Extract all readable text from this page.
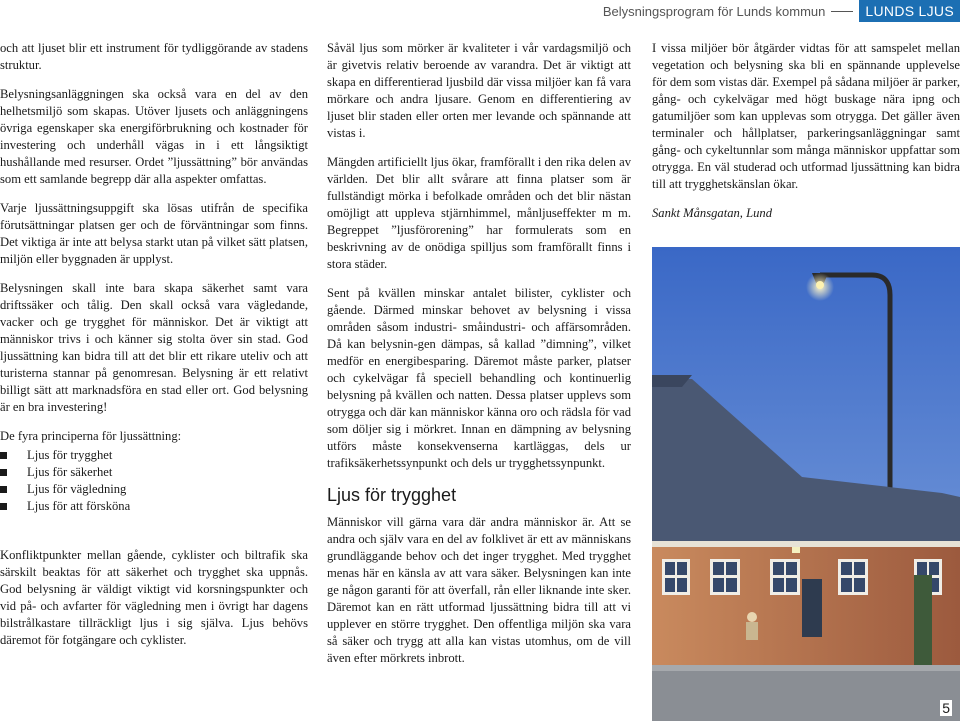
Belysningsprogram för Lunds kommun	LUNDS LJUS

och att ljuset blir ett instrument för tydliggörande av stadens struktur.

Belysningsanläggningen ska också vara en del av den helhetsmiljö som skapas. Utöver ljusets och anläggningens övriga egenskaper ska energiförbrukning och kostnader för investering och underhåll vägas in i ett långsiktigt hushållande med resurser. Ordet ”ljussättning” bör användas som ett samlande begrepp där alla aspekter omfattas.

Varje ljussättningsuppgift ska lösas utifrån de specifika förutsättningar platsen ger och de förväntningar som finns. Det viktiga är inte att belysa starkt utan på vilket sätt platsen, miljön eller byggnaden är upplyst.

Belysningen skall inte bara skapa säkerhet samt vara driftssäker och tålig. Den skall också vara vägledande, vacker och ge trygghet för människor. Det är viktigt att människor trivs i och känner sig stolta över sin stad. God ljussättning kan bidra till att det blir ett rikare uteliv och att turisterna stannar på genomresan. Belysning är ett relativt billigt sätt att marknadsföra en stad eller ort. God belysning är en bra investering!

De fyra principerna för ljussättning:

Ljus för trygghet
Ljus för säkerhet
Ljus för vägledning
Ljus för att försköna

Konfliktpunkter mellan gående, cyklister och biltrafik ska särskilt beaktas för att säkerhet och trygghet ska uppnås. God belysning är väldigt viktigt vid korsningspunkter och vid på- och avfarter för vägledning men i övrigt har dagens bilstrålkastare tillräckligt ljus i sig själva. Ljus behövs däremot för fotgängare och cyklister.

Såväl ljus som mörker är kvaliteter i vår vardagsmiljö och är givetvis relativ beroende av varandra. Det är viktigt att skapa en differentierad ljusbild där vissa miljöer kan få vara mörkare och andra ljusare. Genom en differentiering av ljuset blir staden eller orten mer levande och spännande att vistas i.

Mängden artificiellt ljus ökar, framförallt i den rika delen av världen. Det blir allt svårare att finna platser som är fullständigt mörka i befolkade områden och det blir nästan omöjligt att uppleva stjärnhimmel, månljuseffekter m m. Begreppet ”ljusförorening” har formulerats som en beskrivning av de onödiga spilljus som framförallt finns i stora städer.

Sent på kvällen minskar antalet bilister, cyklister och gående. Därmed minskar behovet av belysning i vissa områden såsom industri- småindustri- och affärsområden. Då kan belysnin-gen dämpas, så kallad ”dimning”, vilket medför en energibesparing. Däremot måste parker, platser och cykelvägar få speciell behandling och kontinuerlig belysning på kvällen och natten. Dessa platser upplevs som otrygga och där kan människor känna oro och rädsla för vad som döljer sig i mörkret. Innan en dämpning av belysning utförs måste konsekvenserna kartläggas, dels ur trafiksäkerhetssynpunkt och dels ur trygghetssynpunkt.

Ljus för trygghet

Människor vill gärna vara där andra människor är. Att se andra och själv vara en del av folklivet är ett av människans grundläggande behov och det inger trygghet. Med trygghet menas här en känsla av att vara säker. Belysningen kan inte ge någon garanti för att överfall, rån eller liknande inte sker. Däremot kan en rätt utformad ljussättning bidra till att vi upplever en större trygghet. Den offentliga miljön ska vara så säker och trygg att alla kan vistas utomhus, om de vill även efter mörkrets inbrott.

I vissa miljöer bör åtgärder vidtas för att samspelet mellan vegetation och belysning ska bli en spännande upplevelse för dem som vistas där. Exempel på sådana miljöer är parker, gång- och cykelvägar med högt buskage nära ipng och gatumiljöer som kan upplevas som otrygga. Det gäller även terminaler och hållplatser, parkeringsanläggningar samt gång- och cykeltunnlar som många människor uppfattar som otrygga. En väl studerad och utformad ljussättning kan bidra till att trygghetskänslan ökar.

Sankt Månsgatan, Lund

5
